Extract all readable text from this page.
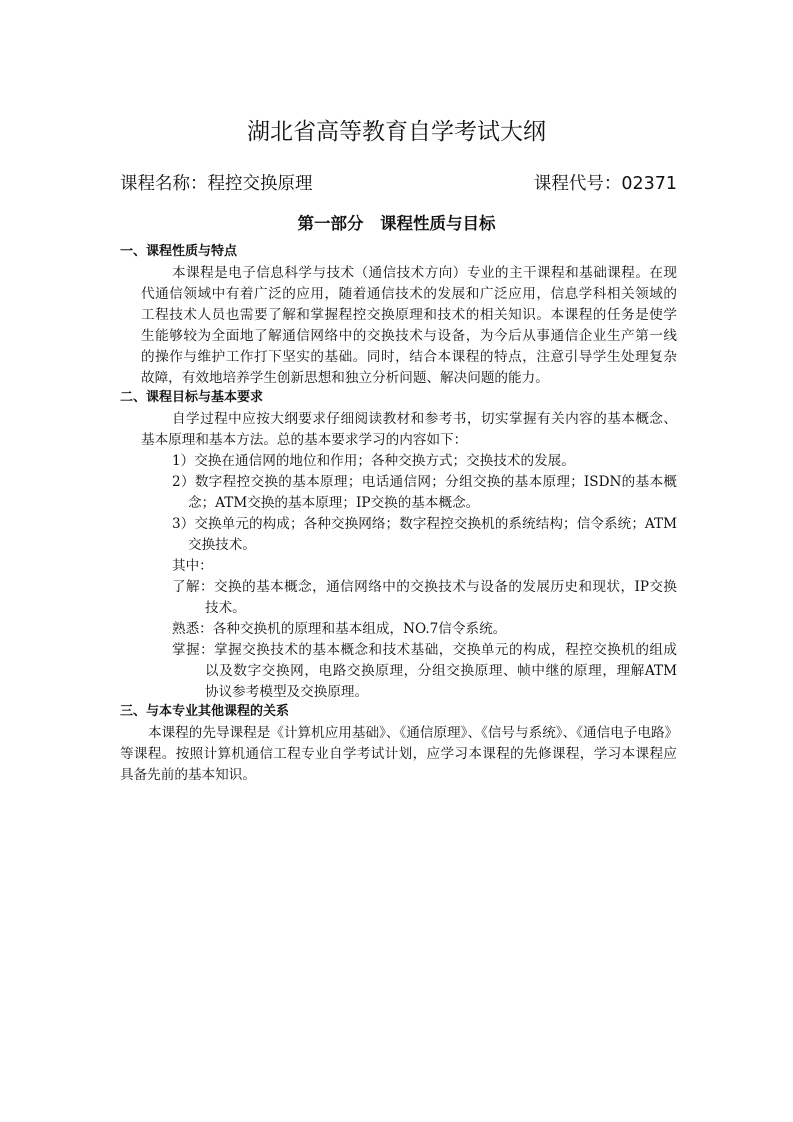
湖北省高等教育自学考试大纲
课程名称：程控交换原理	课程代号：02371
第一部分　课程性质与目标
一、课程性质与特点
本课程是电子信息科学与技术（通信技术方向）专业的主干课程和基础课程。在现
代通信领域中有着广泛的应用，随着通信技术的发展和广泛应用，信息学科相关领域的
工程技术人员也需要了解和掌握程控交换原理和技术的相关知识。本课程的任务是使学
生能够较为全面地了解通信网络中的交换技术与设备，为今后从事通信企业生产第一线
的操作与维护工作打下坚实的基础。同时，结合本课程的特点，注意引导学生处理复杂
故障，有效地培养学生创新思想和独立分析问题、解决问题的能力。
二、课程目标与基本要求
自学过程中应按大纲要求仔细阅读教材和参考书，切实掌握有关内容的基本概念、
基本原理和基本方法。总的基本要求学习的内容如下：
1）交换在通信网的地位和作用；各种交换方式；交换技术的发展。
2）数字程控交换的基本原理；电话通信网；分组交换的基本原理；ISDN的基本概
念；ATM交换的基本原理；IP交换的基本概念。
3）交换单元的构成；各种交换网络；数字程控交换机的系统结构；信令系统；ATM
交换技术。
其中：
了解：交换的基本概念，通信网络中的交换技术与设备的发展历史和现状，IP交换
技术。
熟悉：各种交换机的原理和基本组成，NO.7信令系统。
掌握：掌握交换技术的基本概念和技术基础，交换单元的构成，程控交换机的组成
以及数字交换网，电路交换原理，分组交换原理、帧中继的原理，理解ATM
协议参考模型及交换原理。
三、与本专业其他课程的关系
本课程的先导课程是《计算机应用基础》、《通信原理》、《信号与系统》、《通信电子电路》
等课程。按照计算机通信工程专业自学考试计划，应学习本课程的先修课程，学习本课程应
具备先前的基本知识。
